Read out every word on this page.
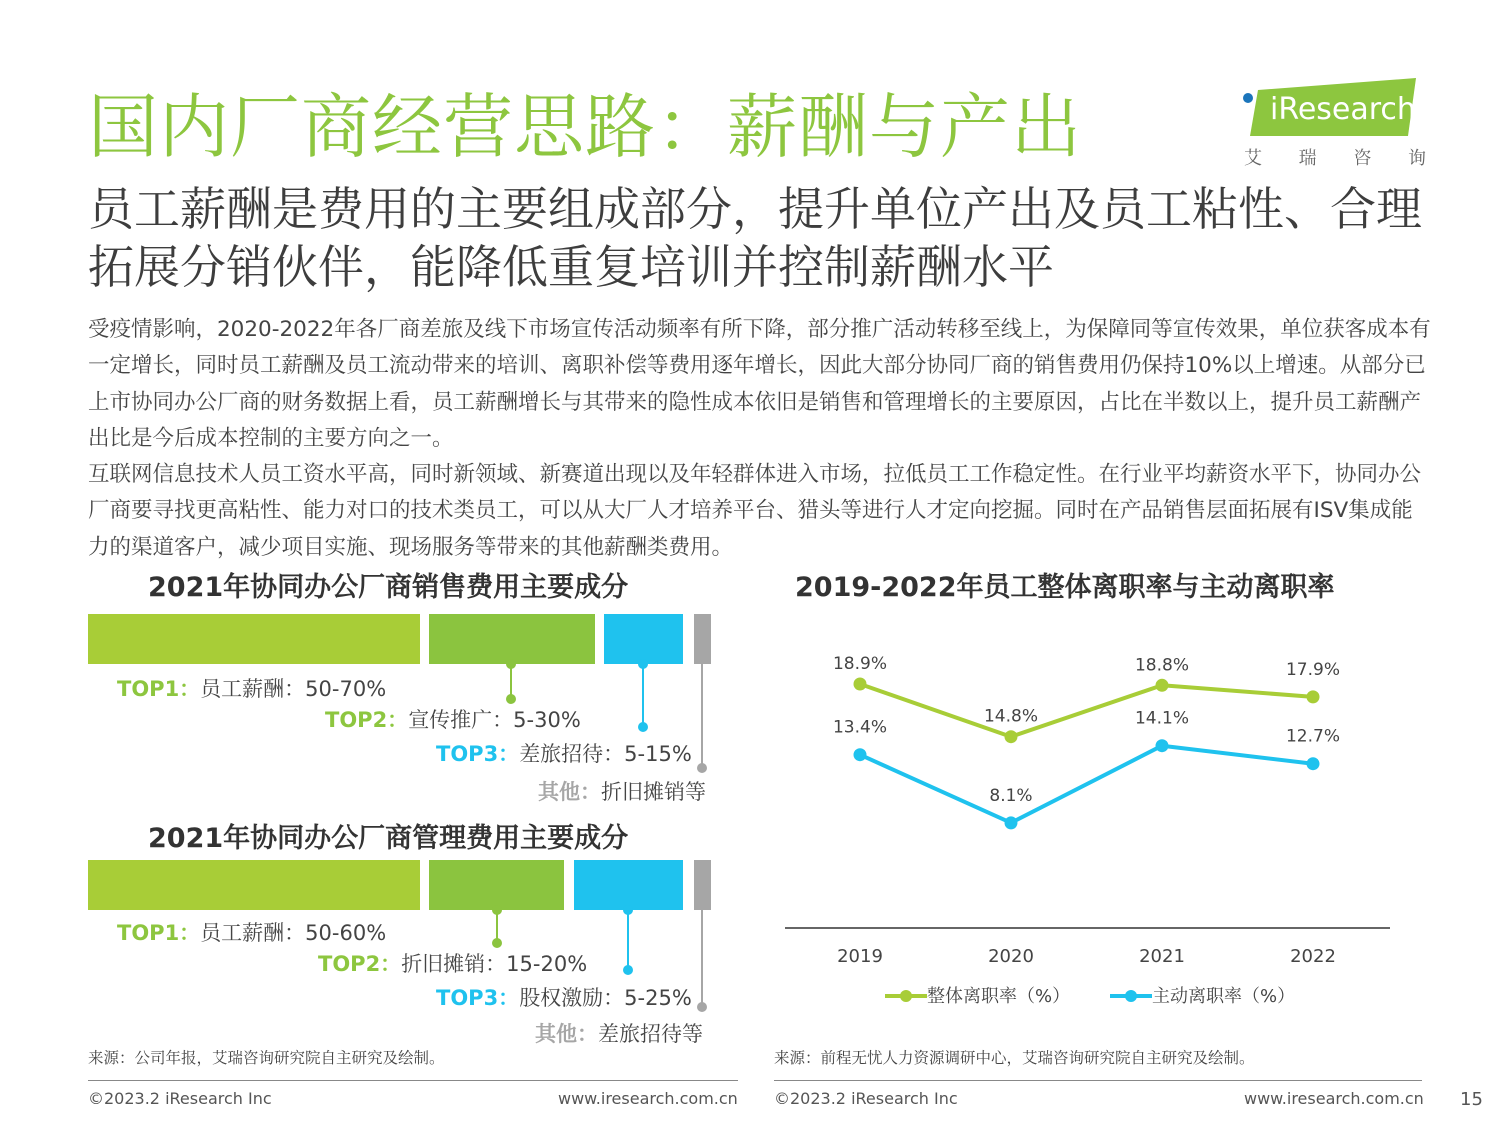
国内厂商经营思路：薪酬与产出	iResearch
艾 瑞 咨 询
员工薪酬是费用的主要组成部分，提升单位产出及员工粘性、合理拓展分销伙伴，能降低重复培训并控制薪酬水平

受疫情影响，2020-2022年各厂商差旅及线下市场宣传活动频率有所下降，部分推广活动转移至线上，为保障同等宣传效果，单位获客成本有一定增长，同时员工薪酬及员工流动带来的培训、离职补偿等费用逐年增长，因此大部分协同厂商的销售费用仍保持10%以上增速。从部分已上市协同办公厂商的财务数据上看，员工薪酬增长与其带来的隐性成本依旧是销售和管理增长的主要原因，占比在半数以上，提升员工薪酬产出比是今后成本控制的主要方向之一。

互联网信息技术人员工资水平高，同时新领域、新赛道出现以及年轻群体进入市场，拉低员工工作稳定性。在行业平均薪资水平下，协同办公厂商要寻找更高粘性、能力对口的技术类员工，可以从大厂人才培养平台、猎头等进行人才定向挖掘。同时在产品销售层面拓展有ISV集成能力的渠道客户，减少项目实施、现场服务等带来的其他薪酬类费用。

2021年协同办公厂商销售费用主要成分
TOP1：员工薪酬：50-70%
TOP2：宣传推广：5-30%
TOP3：差旅招待：5-15%
其他：折旧摊销等
2021年协同办公厂商管理费用主要成分
TOP1：员工薪酬：50-60%
TOP2：折旧摊销：15-20%
TOP3：股权激励：5-25%
其他：差旅招待等
2019-2022年员工整体离职率与主动离职率
2019	2020	2021	2022
18.9%
14.8%
18.8%	17.9%
13.4%
8.1%
14.1%
12.7%
整体离职率（%）	主动离职率（%）
来源：公司年报，艾瑞咨询研究院自主研究及绘制。	来源：前程无忧人力资源调研中心，艾瑞咨询研究院自主研究及绘制。
©2023.2 iResearch Inc	www.iresearch.com.cn ©2023.2 iResearch Inc	www.iresearch.com.cn 15
